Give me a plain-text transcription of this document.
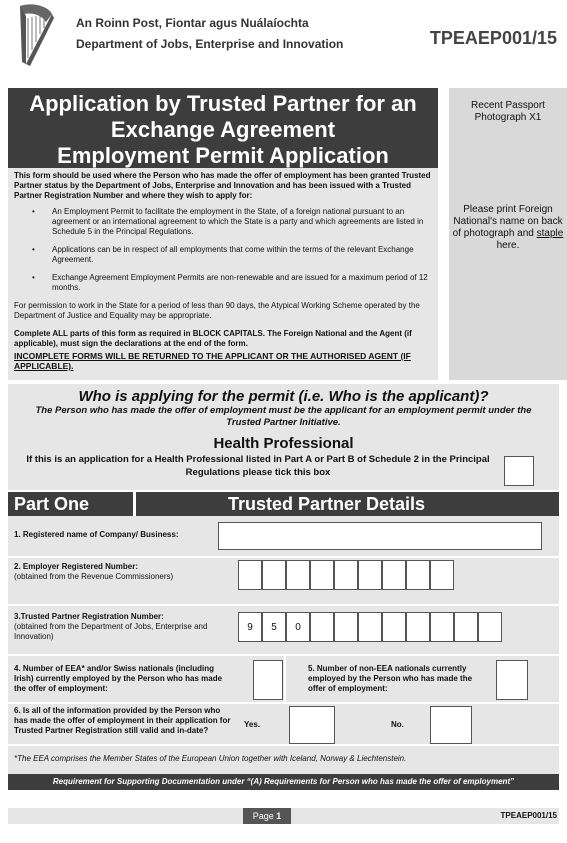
An Roinn Post, Fiontar agus Nuálaíochta
Department of Jobs, Enterprise and Innovation	TPEAEP001/15
Application by Trusted Partner for an
Exchange Agreement
Employment Permit Application
This form should be used where the Person who has made the offer of employment has been granted Trusted Partner status by the Department of Jobs, Enterprise and Innovation and has been issued with a Trusted Partner Registration Number and where they wish to apply for:
• An Employment Permit to facilitate the employment in the State, of a foreign national pursuant to an agreement or an international agreement to which the State is a party and which agreements are listed in Schedule 5 in the Principal Regulations.
• Applications can be in respect of all employments that come within the terms of the relevant Exchange Agreement.
• Exchange Agreement Employment Permits are non-renewable and are issued for a maximum period of 12 months.
For permission to work in the State for a period of less than 90 days, the Atypical Working Scheme operated by the Department of Justice and Equality may be appropriate.
Complete ALL parts of this form as required in BLOCK CAPITALS. The Foreign National and the Agent (if applicable), must sign the declarations at the end of the form.
INCOMPLETE FORMS WILL BE RETURNED TO THE APPLICANT OR THE AUTHORISED AGENT (IF APPLICABLE).
Recent Passport Photograph X1
Please print Foreign National's name on back of photograph and staple here.
Who is applying for the permit (i.e. Who is the applicant)?
The Person who has made the offer of employment must be the applicant for an employment permit under the Trusted Partner Initiative.
Health Professional
If this is an application for a Health Professional listed in Part A or Part B of Schedule 2 in the Principal Regulations please tick this box
Part One	Trusted Partner Details
1. Registered name of Company/ Business:
2. Employer Registered Number:
(obtained from the Revenue Commissioners)
3.Trusted Partner Registration Number:
(obtained from the Department of Jobs, Enterprise and Innovation)
9	5	0
4. Number of EEA* and/or Swiss nationals (including Irish) currently employed by the Person who has made the offer of employment:
5. Number of non-EEA nationals currently employed by the Person who has made the offer of employment:
6. Is all of the information provided by the Person who has made the offer of employment in their application for Trusted Partner Registration still valid and in-date?
Yes.	No.
*The EEA comprises the Member States of the European Union together with Iceland, Norway & Liechtenstein.
Requirement for Supporting Documentation under “(A) Requirements for Person who has made the offer of employment”
Page 1	TPEAEP001/15
